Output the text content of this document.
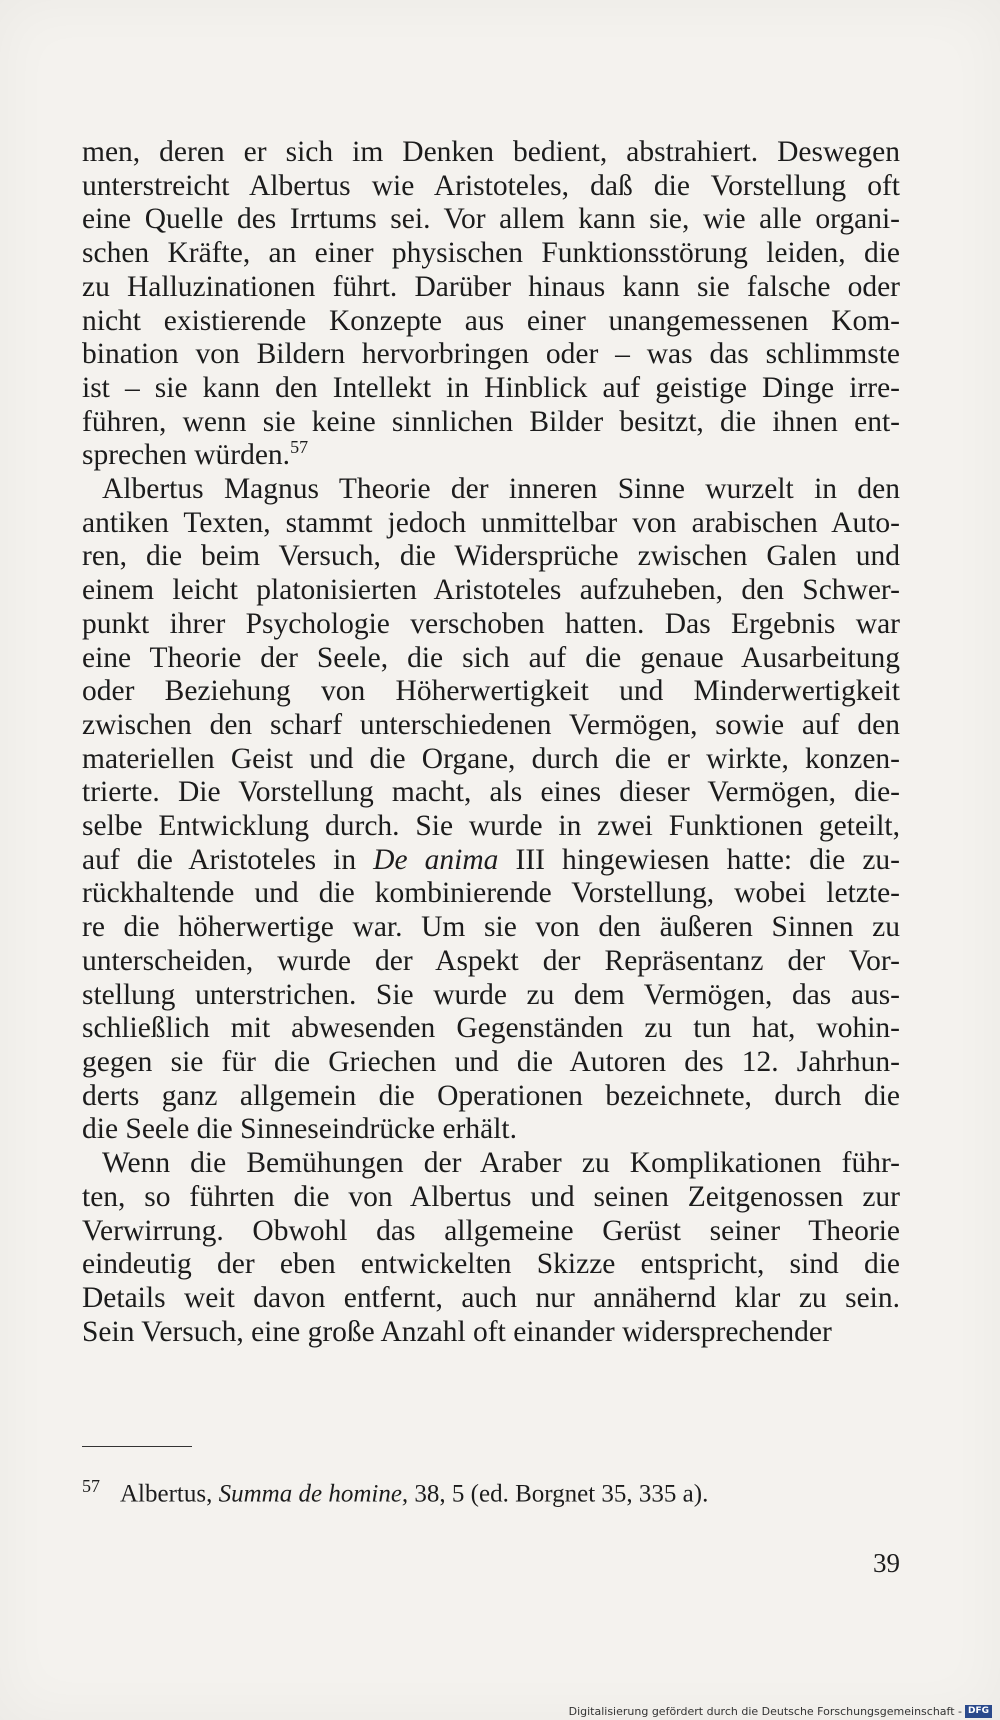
men, deren er sich im Denken bedient, abstrahiert. Deswegen
unterstreicht Albertus wie Aristoteles, daß die Vorstellung oft
eine Quelle des Irrtums sei. Vor allem kann sie, wie alle organi-
schen Kräfte, an einer physischen Funktionsstörung leiden, die
zu Halluzinationen führt. Darüber hinaus kann sie falsche oder
nicht existierende Konzepte aus einer unangemessenen Kom-
bination von Bildern hervorbringen oder – was das schlimmste
ist – sie kann den Intellekt in Hinblick auf geistige Dinge irre-
führen, wenn sie keine sinnlichen Bilder besitzt, die ihnen ent-
sprechen würden.$^{57}$

Albertus Magnus Theorie der inneren Sinne wurzelt in den
antiken Texten, stammt jedoch unmittelbar von arabischen Auto-
ren, die beim Versuch, die Widersprüche zwischen Galen und
einem leicht platonisierten Aristoteles aufzuheben, den Schwer-
punkt ihrer Psychologie verschoben hatten. Das Ergebnis war
eine Theorie der Seele, die sich auf die genaue Ausarbeitung
oder Beziehung von Höherwertigkeit und Minderwertigkeit
zwischen den scharf unterschiedenen Vermögen, sowie auf den
materiellen Geist und die Organe, durch die er wirkte, konzen-
trierte. Die Vorstellung macht, als eines dieser Vermögen, die-
selbe Entwicklung durch. Sie wurde in zwei Funktionen geteilt,
auf die Aristoteles in De anima III hingewiesen hatte: die zu-
rückhaltende und die kombinierende Vorstellung, wobei letzte-
re die höherwertige war. Um sie von den äußeren Sinnen zu
unterscheiden, wurde der Aspekt der Repräsentanz der Vor-
stellung unterstrichen. Sie wurde zu dem Vermögen, das aus-
schließlich mit abwesenden Gegenständen zu tun hat, wohin-
gegen sie für die Griechen und die Autoren des 12. Jahrhun-
derts ganz allgemein die Operationen bezeichnete, durch die
die Seele die Sinneseindrücke erhält.

Wenn die Bemühungen der Araber zu Komplikationen führ-
ten, so führten die von Albertus und seinen Zeitgenossen zur
Verwirrung. Obwohl das allgemeine Gerüst seiner Theorie
eindeutig der eben entwickelten Skizze entspricht, sind die
Details weit davon entfernt, auch nur annähernd klar zu sein.
Sein Versuch, eine große Anzahl oft einander widersprechender

$^{57}$ Albertus, Summa de homine, 38, 5 (ed. Borgnet 35, 335 a).
39
Digitalisierung gefördert durch die Deutsche Forschungsgemeinschaft - DFG
